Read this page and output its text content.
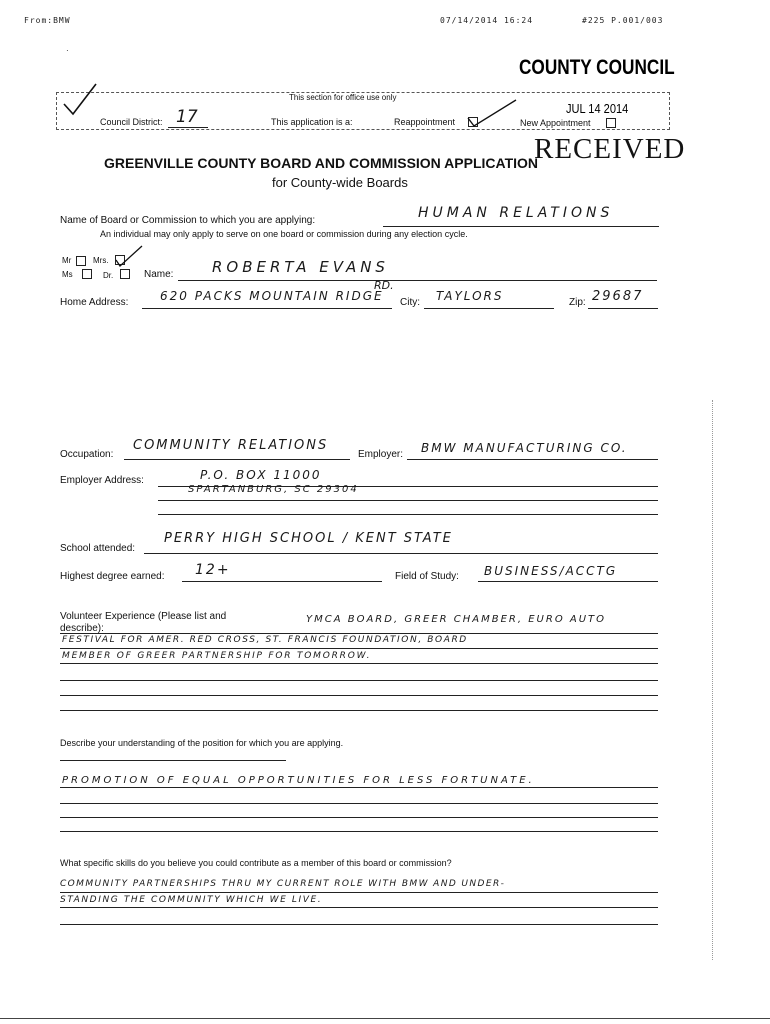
From:BMW	07/14/2014 16:24	#225 P.001/003
·
COUNTY COUNCIL
JUL 14 2014
RECEIVED
This section for office use only
Council District: 17	This application is a:	Reappointment	New Appointment
GREENVILLE COUNTY BOARD AND COMMISSION APPLICATION
for County-wide Boards
Name of Board or Commission to which you are applying:	HUMAN RELATIONS
An individual may only apply to serve on one board or commission during any election cycle.
Mr	Mrs.
Ms	Dr.	Name:	ROBERTA EVANS
Home Address:	620 PACKS MOUNTAIN RIDGE
RD.
City: TAYLORS	Zip: 29687
Occupation:
COMMUNITY RELATIONS
Employer: BMW MANUFACTURING CO.
Employer Address:	P.O. BOX 11000
SPARTANBURG, SC 29304
School attended:
PERRY HIGH SCHOOL / KENT STATE
Highest degree earned: 12+	Field of Study: BUSINESS/ACCTG
Volunteer Experience (Please list and
describe):
YMCA BOARD, GREER CHAMBER, EURO AUTO
FESTIVAL FOR AMER. RED CROSS, ST. FRANCIS FOUNDATION, BOARD
MEMBER OF GREER PARTNERSHIP FOR TOMORROW.
Describe your understanding of the position for which you are applying.
PROMOTION OF EQUAL OPPORTUNITIES FOR LESS FORTUNATE.
What specific skills do you believe you could contribute as a member of this board or commission?
COMMUNITY PARTNERSHIPS THRU MY CURRENT ROLE WITH BMW AND UNDER-
STANDING THE COMMUNITY WHICH WE LIVE.
